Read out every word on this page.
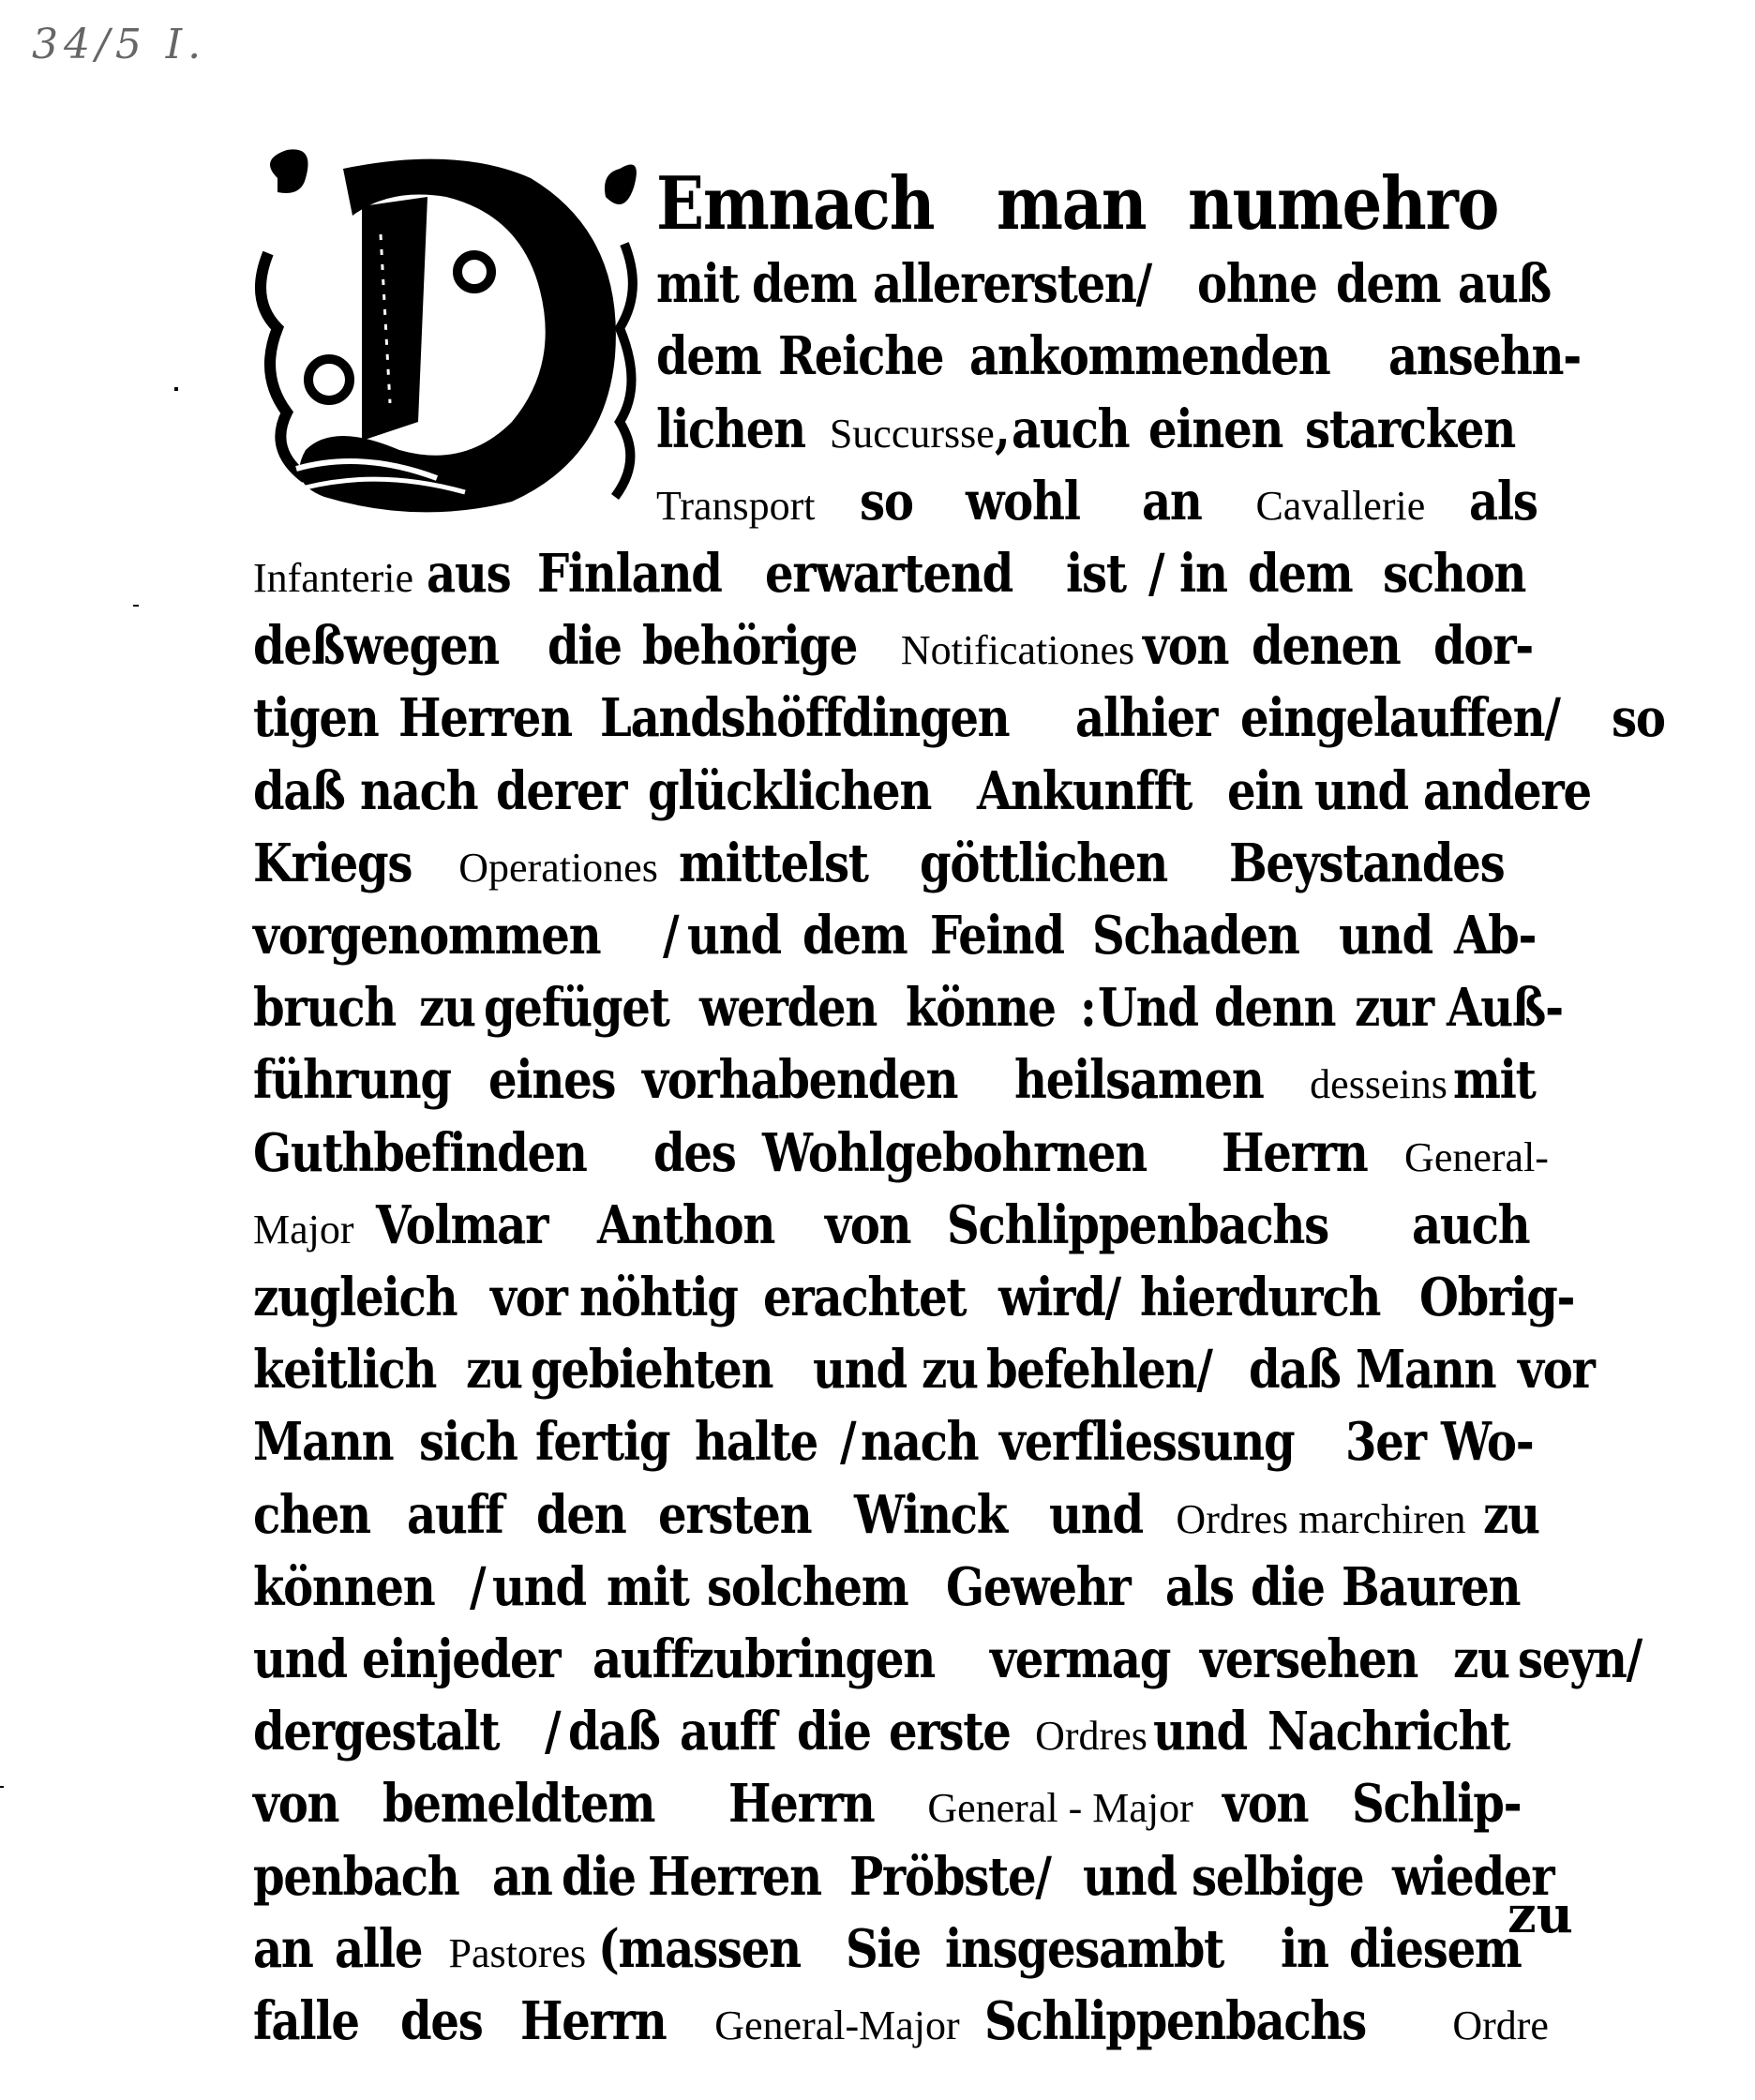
34/5 I.
Emnach man numehro
mit dem allerersten/ ohne dem auß
dem Reiche ankommenden ansehn-
lichen Succursse , auch einen starcken
Transport so wohl an Cavallerie als
Infanterie aus Finland erwartend ist / in dem schon
deßwegen die behörige Notificationes von denen dor-
tigen Herren Landshöffdingen alhier eingelauffen/ so
daß nach derer glücklichen Ankunfft ein und andere
Kriegs Operationes mittelst göttlichen Beystandes
vorgenommen / und dem Feind Schaden und Ab-
bruch zu gefüget werden könne : Und denn zur Auß-
führung eines vorhabenden heilsamen desseins mit
Guthbefinden des Wohlgebohrnen Herrn General-
Major Volmar Anthon von Schlippenbachs auch
zugleich vor nöhtig erachtet wird/ hierdurch Obrig-
keitlich zu gebiehten und zu befehlen/ daß Mann vor
Mann sich fertig halte / nach verfliessung 3er Wo-
chen auff den ersten Winck und Ordres marchiren zu
können / und mit solchem Gewehr als die Bauren
und einjeder auffzubringen vermag versehen zu seyn/
dergestalt / daß auff die erste Ordres und Nachricht
von bemeldtem Herrn General - Major von Schlip-
penbach an die Herren Pröbste/ und selbige wieder
an alle Pastores (massen Sie insgesambt in diesem
falle des Herrn General-Major Schlippenbachs Ordre
zu
